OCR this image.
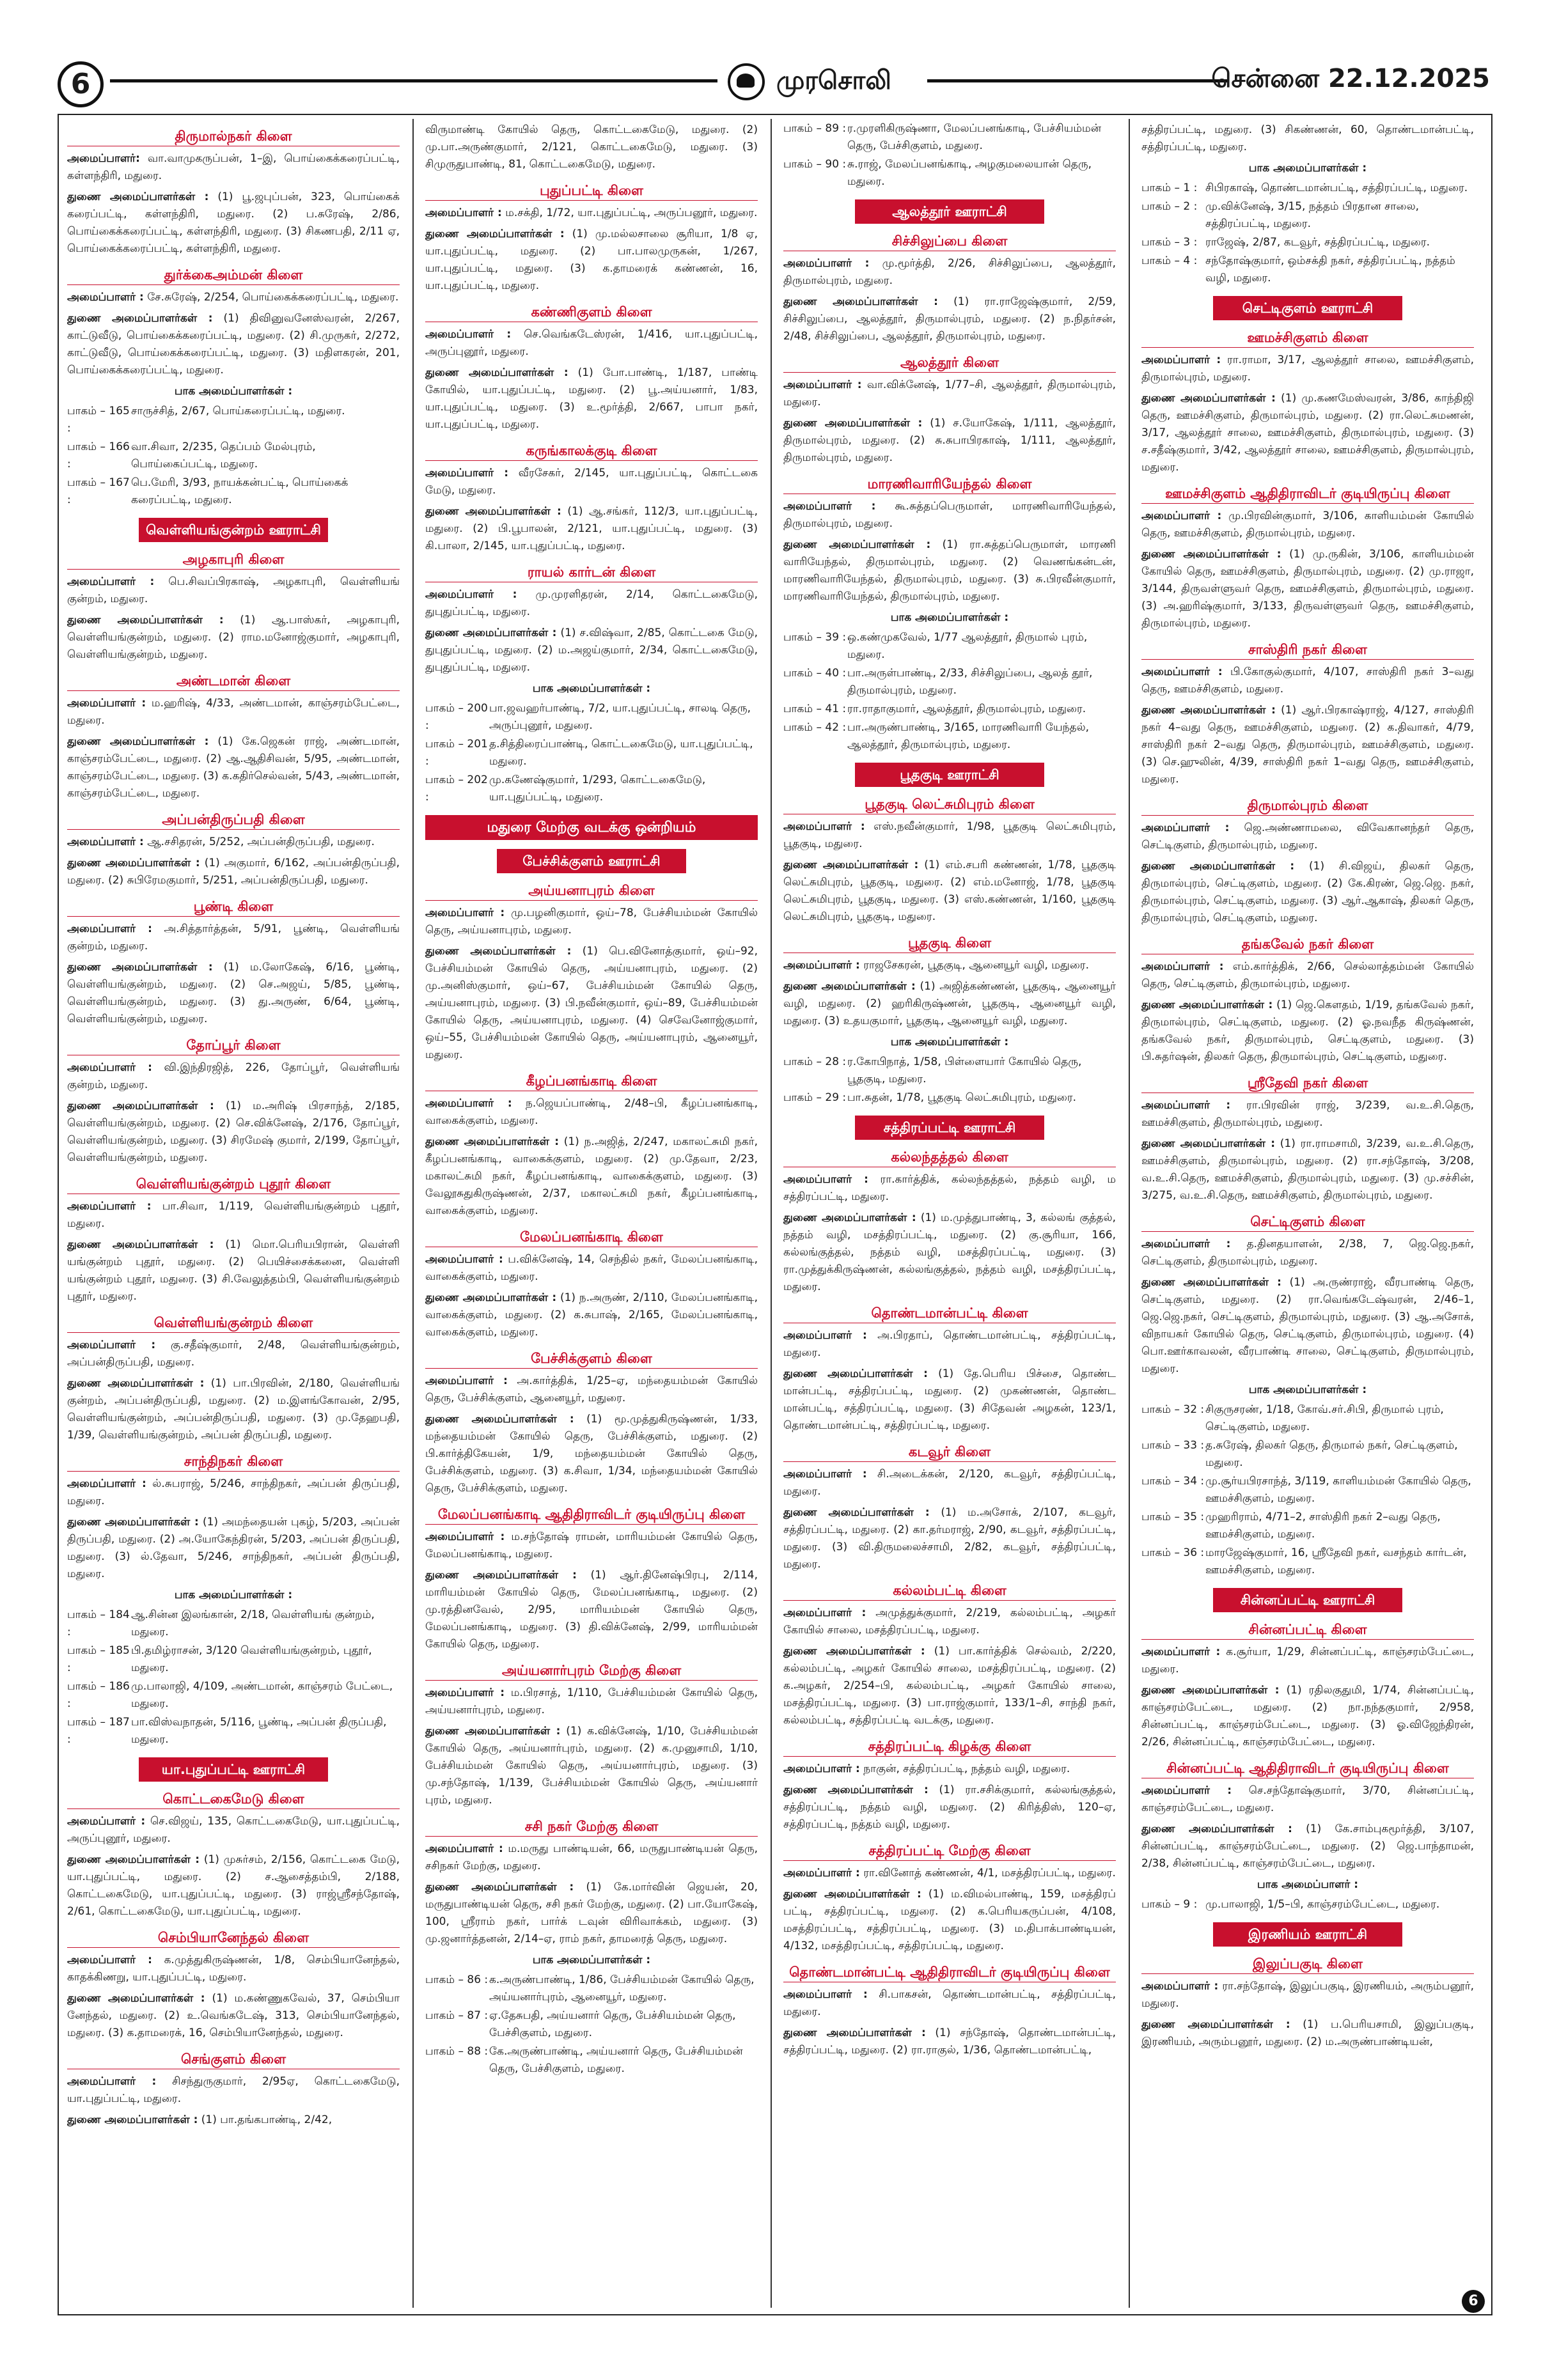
6	முரசொலி	சென்னை 22.12.2025
திருமால்நகர் கிளை
அமைப்பாளர்: வா.வாமுகருப்பன், 1–இ, பொய்கைக்கரைப்பட்டி, கள்ளந்திரி, மதுரை.
துணை அமைப்பாளர்கள் : (1) பூ.ஜபுப்பன், 323, பொய்கைக் கரைப்பட்டி, கள்ளந்திரி, மதுரை. (2) ப.சுரேஷ், 2/86, பொய்கைக்கரைப்பட்டி, கள்ளந்திரி, மதுரை. (3) சிகணபதி, 2/11 ஏ, பொய்கைக்கரைப்பட்டி, கள்ளந்திரி, மதுரை.
துர்க்கைஅம்மன் கிளை
அமைப்பாளர் : சே.சுரேஷ், 2/254, பொய்கைக்கரைப்பட்டி, மதுரை.
துணை அமைப்பாளர்கள் : (1) திவினுவனேஸ்வரன், 2/267, காட்டுவீடு, பொய்கைக்கரைப்பட்டி, மதுரை. (2) சி.முருகர், 2/272, காட்டுவீடு, பொய்கைக்கரைப்பட்டி, மதுரை. (3) மதிளகரன், 201, பொய்கைக்கரைப்பட்டி, மதுரை.
பாக அமைப்பாளர்கள் :
பாகம் – 165 :
சாருச்சித், 2/67, பொய்கரைப்பட்டி, மதுரை.
பாகம் – 166 :
வா.சிவா, 2/235, தெப்பம் மேல்புரம், பொய்கைப்பட்டி, மதுரை.
பாகம் – 167 :
பெ.மேரி, 3/93, நாயக்கன்பட்டி, பொய்கைக் கரைப்பட்டி, மதுரை.
வெள்ளியங்குன்றம் ஊராட்சி
அழகாபுரி கிளை
அமைப்பாளர் : பெ.சிவப்பிரகாஷ், அழகாபுரி, வெள்ளியங் குன்றம், மதுரை.
துணை அமைப்பாளர்கள் : (1) ஆ.பாஸ்கர், அழகாபுரி, வெள்ளியங்குன்றம், மதுரை. (2) ராம.மனோஜ்குமார், அழகாபுரி, வெள்ளியங்குன்றம், மதுரை.
அண்டமான் கிளை
அமைப்பாளர் : ம.ஹரிஷ், 4/33, அண்டமான், காஞ்சரம்பேட்டை, மதுரை.
துணை அமைப்பாளர்கள் : (1) கே.ஜெகன் ராஜ், அண்டமான், காஞ்சரம்பேட்டை, மதுரை. (2) ஆ.ஆதிசிவன், 5/95, அண்டமான், காஞ்சரம்பேட்டை, மதுரை. (3) க.கதிர்செல்வன், 5/43, அண்டமான், காஞ்சரம்பேட்டை, மதுரை.
அப்பன்திருப்பதி கிளை
அமைப்பாளர் : ஆ.சசிதரன், 5/252, அப்பன்திருப்பதி, மதுரை.
துணை அமைப்பாளர்கள் : (1) அகுமார், 6/162, அப்பன்திருப்பதி, மதுரை. (2) சுபிரேமகுமார், 5/251, அப்பன்திருப்பதி, மதுரை.
பூண்டி கிளை
அமைப்பாளர் : அ.சித்தார்த்தன், 5/91, பூண்டி, வெள்ளியங் குன்றம், மதுரை.
துணை அமைப்பாளர்கள் : (1) ம.லோகேஷ், 6/16, பூண்டி, வெள்ளியங்குன்றம், மதுரை. (2) செ.அஜய், 5/85, பூண்டி, வெள்ளியங்குன்றம், மதுரை. (3) து.அருண், 6/64, பூண்டி, வெள்ளியங்குன்றம், மதுரை.
தோப்பூர் கிளை
அமைப்பாளர் : வி.இந்திரஜித், 226, தோப்பூர், வெள்ளியங் குன்றம், மதுரை.
துணை அமைப்பாளர்கள் : (1) ம.அரிஷ் பிரசாந்த், 2/185, வெள்ளியங்குன்றம், மதுரை. (2) செ.விக்னேஷ், 2/176, தோப்பூர், வெள்ளியங்குன்றம், மதுரை. (3) சிரமேஷ் குமார், 2/199, தோப்பூர், வெள்ளியங்குன்றம், மதுரை.
வெள்ளியங்குன்றம் புதூர் கிளை
அமைப்பாளர் : பா.சிவா, 1/119, வெள்ளியங்குன்றம் புதூர், மதுரை.
துணை அமைப்பாளர்கள் : (1) மொ.பெரியபிரான், வெள்ளி யங்குன்றம் புதூர், மதுரை. (2) பெயிச்சைக்கனை, வெள்ளி யங்குன்றம் புதூர், மதுரை. (3) சி.வேலுத்தம்பி, வெள்ளியங்குன்றம் புதூர், மதுரை.
வெள்ளியங்குன்றம் கிளை
அமைப்பாளர் : கு.சதீஷ்குமார், 2/48, வெள்ளியங்குன்றம், அப்பன்திருப்பதி, மதுரை.
துணை அமைப்பாளர்கள் : (1) பா.பிரவின், 2/180, வெள்ளியங் குன்றம், அப்பன்திருப்பதி, மதுரை. (2) ம.இளங்கோவன், 2/95, வெள்ளியங்குன்றம், அப்பன்திருப்பதி, மதுரை. (3) மு.தேஹபதி, 1/39, வெள்ளியங்குன்றம், அப்பன் திருப்பதி, மதுரை.
சாந்திநகர் கிளை
அமைப்பாளர் : ல்.சுபராஜ், 5/246, சாந்திநகர், அப்பன் திருப்பதி, மதுரை.
துணை அமைப்பாளர்கள் : (1) அமந்தையன் புகழ், 5/203, அப்பன் திருப்பதி, மதுரை. (2) அ.யோகேந்திரன், 5/203, அப்பன் திருப்பதி, மதுரை. (3) ல்.தேவா, 5/246, சாந்திநகர், அப்பன் திருப்பதி, மதுரை.
பாக அமைப்பாளர்கள் :
பாகம் – 184 :
ஆ.சின்ன இலங்கான், 2/18, வெள்ளியங் குன்றம், மதுரை.
பாகம் – 185 :
பி.தமிழ்ராசன், 3/120 வெள்ளியங்குன்றம், புதூர், மதுரை.
பாகம் – 186 :
மு.பாலாஜி, 4/109, அண்டமான், காஞ்சரம் பேட்டை, மதுரை.
பாகம் – 187 :
பா.விஸ்வநாதன், 5/116, பூண்டி, அப்பன் திருப்பதி, மதுரை.
யா.புதுப்பட்டி ஊராட்சி
கொட்டகைமேடு கிளை
அமைப்பாளர் : செ.விஜய், 135, கொட்டகைமேடு, யா.புதுப்பட்டி, அருப்புனூர், மதுரை.
துணை அமைப்பாளர்கள் : (1) முசுர்சம், 2/156, கொட்டகை மேடு, யா.புதுப்பட்டி, மதுரை. (2) ச.ஆசைத்தம்பி, 2/188, கொட்டகைமேடு, யா.புதுப்பட்டி, மதுரை. (3) ராஜ்ஸ்ரீசந்தோஷ், 2/61, கொட்டகைமேடு, யா.புதுப்பட்டி, மதுரை.
செம்பியானேந்தல் கிளை
அமைப்பாளர் : க.முத்துகிருஷ்ணன், 1/8, செம்பியானேந்தல், காதக்கிணறு, யா.புதுப்பட்டி, மதுரை.
துணை அமைப்பாளர்கள் : (1) ம.கண்ணுகவேல், 37, செம்பியா னேந்தல், மதுரை. (2) உ.வெங்கடேஷ், 313, செம்பியானேந்தல், மதுரை. (3) க.தாமரைக், 16, செம்பியானேந்தல், மதுரை.
செங்குளம் கிளை
அமைப்பாளர் : சிசந்துருகுமார், 2/95ஏ, கொட்டகைமேடு, யா.புதுப்பட்டி, மதுரை.
துணை அமைப்பாளர்கள் : (1) பா.தங்கபாண்டி, 2/42,
விருமாண்டி கோயில் தெரு, கொட்டகைமேடு, மதுரை. (2) மு.பா.அருண்குமார், 2/121, கொட்டகைமேடு, மதுரை. (3) சிமுருதுபாண்டி, 81, கொட்டகைமேடு, மதுரை.
புதுப்பட்டி கிளை
அமைப்பாளர் : ம.சக்தி, 1/72, யா.புதுப்பட்டி, அருப்பனூர், மதுரை.
துணை அமைப்பாளர்கள் : (1) மு.மல்லசாலை சூரியா, 1/8 ஏ, யா.புதுப்பட்டி, மதுரை. (2) பா.பாலமுருகன், 1/267, யா.புதுப்பட்டி, மதுரை. (3) க.தாமரைக் கண்ணன், 16, யா.புதுப்பட்டி, மதுரை.
கண்ணிகுளம் கிளை
அமைப்பாளர் : செ.வெங்கடேஸ்ரன், 1/416, யா.புதுப்பட்டி, அருப்புனூர், மதுரை.
துணை அமைப்பாளர்கள் : (1) போ.பாண்டி, 1/187, பாண்டி கோயில், யா.புதுப்பட்டி, மதுரை. (2) பூ.அய்யனார், 1/83, யா.புதுப்பட்டி, மதுரை. (3) உ.மூர்த்தி, 2/667, பாபா நகர், யா.புதுப்பட்டி, மதுரை.
கருங்காலக்குடி கிளை
அமைப்பாளர் : வீரசேகர், 2/145, யா.புதுப்பட்டி, கொட்டகை மேடு, மதுரை.
துணை அமைப்பாளர்கள் : (1) ஆ.சங்கர், 112/3, யா.புதுப்பட்டி, மதுரை. (2) பி.பூபாலன், 2/121, யா.புதுப்பட்டி, மதுரை. (3) கி.பாலா, 2/145, யா.புதுப்பட்டி, மதுரை.
ராயல் கார்டன் கிளை
அமைப்பாளர் : மு.முரளிதரன், 2/14, கொட்டகைமேடு, துபுதுப்பட்டி, மதுரை.
துணை அமைப்பாளர்கள் : (1) ச.விஷ்வா, 2/85, கொட்டகை மேடு, துபுதுப்பட்டி, மதுரை. (2) ம.அஜய்குமார், 2/34, கொட்டகைமேடு, துபுதுப்பட்டி, மதுரை.
பாக அமைப்பாளர்கள் :
பாகம் – 200 :
பா.ஜவஹர்பாண்டி, 7/2, யா.புதுப்பட்டி, சாலடி தெரு, அருப்புனூர், மதுரை.
பாகம் – 201 :
த.சித்திரைப்பாண்டி, கொட்டகைமேடு, யா.புதுப்பட்டி, மதுரை.
பாகம் – 202 :
மு.கணேஷ்குமார், 1/293, கொட்டகைமேடு, யா.புதுப்பட்டி, மதுரை.
மதுரை மேற்கு வடக்கு ஒன்றியம்
பேச்சிக்குளம் ஊராட்சி
அய்யனாபுரம் கிளை
அமைப்பாளர் : மு.பழனிகுமார், ஒய்–78, பேச்சியம்மன் கோயில் தெரு, அய்யனாபுரம், மதுரை.
துணை அமைப்பாளர்கள் : (1) பெ.வினோத்குமார், ஒய்–92, பேச்சியம்மன் கோயில் தெரு, அய்யனாபுரம், மதுரை. (2) மு.அனிஸ்குமார், ஒய்–67, பேச்சியம்மன் கோயில் தெரு, அய்யனாபுரம், மதுரை. (3) பி.நவீன்குமார், ஒய்–89, பேச்சியம்மன் கோயில் தெரு, அய்யனாபுரம், மதுரை. (4) செவேனோஜ்குமார், ஒய்–55, பேச்சியம்மன் கோயில் தெரு, அய்யனாபுரம், ஆனையூர், மதுரை.
கீழப்பனங்காடி கிளை
அமைப்பாளர் : ந.ஜெயப்பாண்டி, 2/48–பி, கீழப்பனங்காடி, வாகைக்குளம், மதுரை.
துணை அமைப்பாளர்கள் : (1) ந.அஜித், 2/247, மகாலட்சுமி நகர், கீழப்பனங்காடி, வாகைக்குளம், மதுரை. (2) மு.தேவா, 2/23, மகாலட்சுமி நகர், கீழப்பனங்காடி, வாகைக்குளம், மதுரை. (3) வேலூசுதுகிருஷ்ணன், 2/37, மகாலட்சுமி நகர், கீழப்பனங்காடி, வாகைக்குளம், மதுரை.
மேலப்பனங்காடி கிளை
அமைப்பாளர் : ப.விக்னேஷ், 14, செந்தில் நகர், மேலப்பனங்காடி, வாகைக்குளம், மதுரை.
துணை அமைப்பாளர்கள் : (1) ந.அருண், 2/110, மேலப்பனங்காடி, வாகைக்குளம், மதுரை. (2) க.சுபாஷ், 2/165, மேலப்பனங்காடி, வாகைக்குளம், மதுரை.
பேச்சிக்குளம் கிளை
அமைப்பாளர் : அ.கார்த்திக், 1/25–ஏ, மந்தையம்மன் கோயில் தெரு, பேச்சிக்குளம், ஆனையூர், மதுரை.
துணை அமைப்பாளர்கள் : (1) மூ.முத்துகிருஷ்ணன், 1/33, மந்தையம்மன் கோயில் தெரு, பேச்சிக்குளம், மதுரை. (2) பி.கார்த்திகேயன், 1/9, மந்தையம்மன் கோயில் தெரு, பேச்சிக்குளம், மதுரை. (3) க.சிவா, 1/34, மந்தையம்மன் கோயில் தெரு, பேச்சிக்குளம், மதுரை.
மேலப்பனங்காடி ஆதிதிராவிடர் குடியிருப்பு கிளை
அமைப்பாளர் : ம.சந்தோஷ் ராமன், மாரியம்மன் கோயில் தெரு, மேலப்பனங்காடி, மதுரை.
துணை அமைப்பாளர்கள் : (1) ஆர்.தினேஷ்பிரபு, 2/114, மாரியம்மன் கோயில் தெரு, மேலப்பனங்காடி, மதுரை. (2) மு.ரத்தினவேல், 2/95, மாரியம்மன் கோயில் தெரு, மேலப்பனங்காடி, மதுரை. (3) தி.விக்னேஷ், 2/99, மாரியம்மன் கோயில் தெரு, மதுரை.
அய்யனார்புரம் மேற்கு கிளை
அமைப்பாளர் : ம.பிரசாத், 1/110, பேச்சியம்மன் கோயில் தெரு, அய்யனார்புரம், மதுரை.
துணை அமைப்பாளர்கள் : (1) க.விக்னேஷ், 1/10, பேச்சியம்மன் கோயில் தெரு, அய்யனார்புரம், மதுரை. (2) க.முனுசாமி, 1/10, பேச்சியம்மன் கோயில் தெரு, அய்யனார்புரம், மதுரை. (3) மு.சந்தோஷ், 1/139, பேச்சியம்மன் கோயில் தெரு, அய்யனார் புரம், மதுரை.
சசி நகர் மேற்கு கிளை
அமைப்பாளர் : ம.மருது பாண்டியன், 66, மருதுபாண்டியன் தெரு, சசிநகர் மேற்கு, மதுரை.
துணை அமைப்பாளர்கள் : (1) கே.மார்வின் ஜெயன், 20, மருதுபாண்டியன் தெரு, சசி நகர் மேற்கு, மதுரை. (2) பா.யோகேஷ், 100, ஸ்ரீராம் நகர், பார்க் டவுன் விரிவாக்கம், மதுரை. (3) மு.ஜனார்த்தனன், 2/14–ஏ, ராம் நகர், தாமரைத் தெரு, மதுரை.
பாக அமைப்பாளர்கள் :
பாகம் – 86 : க.அருண்பாண்டி, 1/86, பேச்சியம்மன் கோயில் தெரு, அய்யனார்புரம், ஆனையூர், மதுரை.
பாகம் – 87 : ஏ.தேசுபதி, அய்யனார் தெரு, பேச்சியம்மன் தெரு, பேச்சிகுளம், மதுரை.
பாகம் – 88 : கே.அருண்பாண்டி, அய்யனார் தெரு, பேச்சியம்மன் தெரு, பேச்சிகுளம், மதுரை.
பாகம் – 89 : ர.முரளிகிருஷ்ணா, மேலப்பனங்காடி, பேச்சியம்மன் தெரு, பேச்சிகுளம், மதுரை.
பாகம் – 90 : சு.ராஜ், மேலப்பனங்காடி, அழகுமலையான் தெரு, மதுரை.
ஆலத்தூர் ஊராட்சி
சிச்சிலுப்பை கிளை
அமைப்பாளர் : மு.மூர்த்தி, 2/26, சிச்சிலுப்பை, ஆலத்தூர், திருமால்புரம், மதுரை.
துணை அமைப்பாளர்கள் : (1) ரா.ராஜேஷ்குமார், 2/59, சிச்சிலுப்பை, ஆலத்தூர், திருமால்புரம், மதுரை. (2) ந.நிதர்சன், 2/48, சிச்சிலுப்பை, ஆலத்தூர், திருமால்புரம், மதுரை.
ஆலத்தூர் கிளை
அமைப்பாளர் : வா.விக்னேஷ், 1/77–சி, ஆலத்தூர், திருமால்புரம், மதுரை.
துணை அமைப்பாளர்கள் : (1) ச.யோகேஷ், 1/111, ஆலத்தூர், திருமால்புரம், மதுரை. (2) சு.சுபாபிரகாஷ், 1/111, ஆலத்தூர், திருமால்புரம், மதுரை.
மாரணிவாரியேந்தல் கிளை
அமைப்பாளர் : கூ.சுத்தப்பெருமாள், மாரணிவாரியேந்தல், திருமால்புரம், மதுரை.
துணை அமைப்பாளர்கள் : (1) ரா.சுத்தப்பெருமாள், மாரணி வாரியேந்தல், திருமால்புரம், மதுரை. (2) வெணங்கன்டன், மாரணிவாரியேந்தல், திருமால்புரம், மதுரை. (3) சு.பிரவீன்குமார், மாரணிவாரியேந்தல், திருமால்புரம், மதுரை.
பாக அமைப்பாளர்கள் :
பாகம் – 39 : ஒ.கண்முகவேல், 1/77 ஆலத்தூர், திருமால் புரம், மதுரை.
பாகம் – 40 : பா.அருள்பாண்டி, 2/33, சிச்சிலுப்பை, ஆலத் தூர், திருமால்புரம், மதுரை.
பாகம் – 41 : ரா.ராதாகுமார், ஆலத்தூர், திருமால்புரம், மதுரை.
பாகம் – 42 : பா.அருண்பாண்டி, 3/165, மாரணிவாரி யேந்தல், ஆலத்தூர், திருமால்புரம், மதுரை.
பூதகுடி ஊராட்சி
பூதகுடி லெட்சுமிபுரம் கிளை
அமைப்பாளர் : எஸ்.நவீன்குமார், 1/98, பூதகுடி லெட்சுமிபுரம், பூதகுடி, மதுரை.
துணை அமைப்பாளர்கள் : (1) எம்.சபரி கண்ணன், 1/78, பூதகுடி லெட்சுமிபுரம், பூதகுடி, மதுரை. (2) எம்.மனோஜ், 1/78, பூதகுடி லெட்சுமிபுரம், பூதகுடி, மதுரை. (3) எஸ்.கண்ணன், 1/160, பூதகுடி லெட்சுமிபுரம், பூதகுடி, மதுரை.
பூதகுடி கிளை
அமைப்பாளர் : ராஜசேகரன், பூதகுடி, ஆனையூர் வழி, மதுரை.
துணை அமைப்பாளர்கள் : (1) அஜித்கண்ணன், பூதகுடி, ஆனையூர் வழி, மதுரை. (2) ஹரிகிருஷ்ணன், பூதகுடி, ஆனையூர் வழி, மதுரை. (3) உதயகுமார், பூதகுடி, ஆனையூர் வழி, மதுரை.
பாக அமைப்பாளர்கள் :
பாகம் – 28 : ர.கோபிநாத், 1/58, பிள்ளையார் கோயில் தெரு, பூதகுடி, மதுரை.
பாகம் – 29 : பா.சுதன், 1/78, பூதகுடி லெட்சுமிபுரம், மதுரை.
சத்திரப்பட்டி ஊராட்சி
கல்லந்தத்தல் கிளை
அமைப்பாளர் : ரா.கார்த்திக், கல்லந்தத்தல், நத்தம் வழி, ம சத்திரப்பட்டி, மதுரை.
துணை அமைப்பாளர்கள் : (1) ம.முத்துபாண்டி, 3, கல்லங் குத்தல், நத்தம் வழி, மசத்திரப்பட்டி, மதுரை. (2) கு.சூரியா, 166, கல்லங்குத்தல், நத்தம் வழி, மசத்திரப்பட்டி, மதுரை. (3) ரா.முத்துக்கிருஷ்ணன், கல்லங்குத்தல், நத்தம் வழி, மசத்திரப்பட்டி, மதுரை.
தொண்டமான்பட்டி கிளை
அமைப்பாளர் : அ.பிரதாப், தொண்டமான்பட்டி, சத்திரப்பட்டி, மதுரை.
துணை அமைப்பாளர்கள் : (1) தே.பெரிய பிச்சை, தொண்ட மான்பட்டி, சத்திரப்பட்டி, மதுரை. (2) முகண்ணன், தொண்ட மான்பட்டி, சத்திரப்பட்டி, மதுரை. (3) சிதேவன் அழகன், 123/1, தொண்டமான்பட்டி, சத்திரப்பட்டி, மதுரை.
கடவூர் கிளை
அமைப்பாளர் : சி.அடைக்கன், 2/120, கடவூர், சத்திரப்பட்டி, மதுரை.
துணை அமைப்பாளர்கள் : (1) ம.அசோக், 2/107, கடவூர், சத்திரப்பட்டி, மதுரை. (2) கா.தர்மராஜ், 2/90, கடவூர், சத்திரப்பட்டி, மதுரை. (3) வி.திருமலைச்சாமி, 2/82, கடவூர், சத்திரப்பட்டி, மதுரை.
கல்லம்பட்டி கிளை
அமைப்பாளர் : அமுத்துக்குமார், 2/219, கல்லம்பட்டி, அழகர் கோயில் சாலை, மசத்திரப்பட்டி, மதுரை.
துணை அமைப்பாளர்கள் : (1) பா.கார்த்திக் செல்வம், 2/220, கல்லம்பட்டி, அழகர் கோயில் சாலை, மசத்திரப்பட்டி, மதுரை. (2) க.அழகர், 2/254–பி, கல்லம்பட்டி, அழகர் கோயில் சாலை, மசத்திரப்பட்டி, மதுரை. (3) பா.ராஜ்குமார், 133/1–சி, சாந்தி நகர், கல்லம்பட்டி, சத்திரப்பட்டி வடக்கு, மதுரை.
சத்திரப்பட்டி கிழக்கு கிளை
அமைப்பாளர் : நாகுன், சத்திரப்பட்டி, நத்தம் வழி, மதுரை.
துணை அமைப்பாளர்கள் : (1) ரா.சசிக்குமார், கல்லங்குத்தல், சத்திரப்பட்டி, நத்தம் வழி, மதுரை. (2) கிரித்திஸ், 120–ஏ, சத்திரப்பட்டி, நத்தம் வழி, மதுரை.
சத்திரப்பட்டி மேற்கு கிளை
அமைப்பாளர் : ரா.வினோத் கண்ணன், 4/1, மசத்திரப்பட்டி, மதுரை.
துணை அமைப்பாளர்கள் : (1) ம.விமல்பாண்டி, 159, மசத்திரப் பட்டி, சத்திரப்பட்டி, மதுரை. (2) க.பெரியகருப்பன், 4/108, மசத்திரப்பட்டி, சத்திரப்பட்டி, மதுரை. (3) ம.திபாக்பாண்டியன், 4/132, மசத்திரப்பட்டி, சத்திரப்பட்டி, மதுரை.
தொண்டமான்பட்டி ஆதிதிராவிடர் குடியிருப்பு கிளை
அமைப்பாளர் : சி.பாகசன், தொண்டமான்பட்டி, சத்திரப்பட்டி, மதுரை.
துணை அமைப்பாளர்கள் : (1) சந்தோஷ், தொண்டமான்பட்டி, சத்திரப்பட்டி, மதுரை. (2) ரா.ராகுல், 1/36, தொண்டமான்பட்டி,
சத்திரப்பட்டி, மதுரை. (3) சிகண்ணன், 60, தொண்டமான்பட்டி, சத்திரப்பட்டி, மதுரை.
பாக அமைப்பாளர்கள் :
பாகம் – 1 : சிபிரகாஷ், தொண்டமான்பட்டி, சத்திரப்பட்டி, மதுரை.
பாகம் – 2 : மு.விக்னேஷ், 3/15, நத்தம் பிரதான சாலை, சத்திரப்பட்டி, மதுரை.
பாகம் – 3 : ராஜேஷ், 2/87, கடவூர், சத்திரப்பட்டி, மதுரை.
பாகம் – 4 : சந்தோஷ்குமார், ஒம்சக்தி நகர், சத்திரப்பட்டி, நத்தம் வழி, மதுரை.
செட்டிகுளம் ஊராட்சி
ஊமச்சிகுளம் கிளை
அமைப்பாளர் : ரா.ராமா, 3/17, ஆலத்தூர் சாலை, ஊமச்சிகுளம், திருமால்புரம், மதுரை.
துணை அமைப்பாளர்கள் : (1) மு.கணமேஸ்வரன், 3/86, காந்திஜி தெரு, ஊமச்சிகுளம், திருமால்புரம், மதுரை. (2) ரா.லெட்சுமணன், 3/17, ஆலத்தூர் சாலை, ஊமச்சிகுளம், திருமால்புரம், மதுரை. (3) ச.சதீஷ்குமார், 3/42, ஆலத்தூர் சாலை, ஊமச்சிகுளம், திருமால்புரம், மதுரை.
ஊமச்சிகுளம் ஆதிதிராவிடர் குடியிருப்பு கிளை
அமைப்பாளர் : மு.பிரவின்குமார், 3/106, காளியம்மன் கோயில் தெரு, ஊமச்சிகுளம், திருமால்புரம், மதுரை.
துணை அமைப்பாளர்கள் : (1) மு.ருகின், 3/106, காளியம்மன் கோயில் தெரு, ஊமச்சிகுளம், திருமால்புரம், மதுரை. (2) மு.ராஜா, 3/144, திருவள்ளுவர் தெரு, ஊமச்சிகுளம், திருமால்புரம், மதுரை. (3) அ.ஹரிஷ்குமார், 3/133, திருவள்ளுவர் தெரு, ஊமச்சிகுளம், திருமால்புரம், மதுரை.
சாஸ்திரி நகர் கிளை
அமைப்பாளர் : பி.கோகுல்குமார், 4/107, சாஸ்திரி நகர் 3–வது தெரு, ஊமச்சிகுளம், மதுரை.
துணை அமைப்பாளர்கள் : (1) ஆர்.பிரகாஷ்ராஜ், 4/127, சாஸ்திரி நகர் 4–வது தெரு, ஊமச்சிகுளம், மதுரை. (2) க.திவாகர், 4/79, சாஸ்திரி நகர் 2–வது தெரு, திருமால்புரம், ஊமச்சிகுளம், மதுரை. (3) செ.ஹுலின், 4/39, சாஸ்திரி நகர் 1–வது தெரு, ஊமச்சிகுளம், மதுரை.
திருமால்புரம் கிளை
அமைப்பாளர் : ஜெ.அண்ணாமலை, விவேகானந்தர் தெரு, செட்டிகுளம், திருமால்புரம், மதுரை.
துணை அமைப்பாளர்கள் : (1) சி.விஜய், திலகர் தெரு, திருமால்புரம், செட்டிகுளம், மதுரை. (2) கே.கிரண், ஜெ.ஜெ. நகர், திருமால்புரம், செட்டிகுளம், மதுரை. (3) ஆர்.ஆகாஷ், திலகர் தெரு, திருமால்புரம், செட்டிகுளம், மதுரை.
தங்கவேல் நகர் கிளை
அமைப்பாளர் : எம்.கார்த்திக், 2/66, செல்லாத்தம்மன் கோயில் தெரு, செட்டிகுளம், திருமால்புரம், மதுரை.
துணை அமைப்பாளர்கள் : (1) ஜெ.கௌதம், 1/19, தங்கவேல் நகர், திருமால்புரம், செட்டிகுளம், மதுரை. (2) ஓ.நவநீத கிருஷ்ணன், தங்கவேல் நகர், திருமால்புரம், செட்டிகுளம், மதுரை. (3) பி.சுதர்ஷன், திலகர் தெரு, திருமால்புரம், செட்டிகுளம், மதுரை.
ஸ்ரீதேவி நகர் கிளை
அமைப்பாளர் : ரா.பிரவின் ராஜ், 3/239, வ.உ.சி.தெரு, ஊமச்சிகுளம், திருமால்புரம், மதுரை.
துணை அமைப்பாளர்கள் : (1) ரா.ராமசாமி, 3/239, வ.உ.சி.தெரு, ஊமச்சிகுளம், திருமால்புரம், மதுரை. (2) ரா.சந்தோஷ், 3/208, வ.உ.சி.தெரு, ஊமச்சிகுளம், திருமால்புரம், மதுரை. (3) மு.சச்சின், 3/275, வ.உ.சி.தெரு, ஊமச்சிகுளம், திருமால்புரம், மதுரை.
செட்டிகுளம் கிளை
அமைப்பாளர் : த.தினதயாளன், 2/38, 7, ஜெ.ஜெ.நகர், செட்டிகுளம், திருமால்புரம், மதுரை.
துணை அமைப்பாளர்கள் : (1) அ.ருண்ராஜ், வீரபாண்டி தெரு, செட்டிகுளம், மதுரை. (2) ரா.வெங்கடேஷ்வரன், 2/46–1, ஜெ.ஜெ.நகர், செட்டிகுளம், திருமால்புரம், மதுரை. (3) ஆ.அசோக், விநாயகர் கோயில் தெரு, செட்டிகுளம், திருமால்புரம், மதுரை. (4) பொ.ஊர்காவலன், வீரபாண்டி சாலை, செட்டிகுளம், திருமால்புரம், மதுரை.
பாக அமைப்பாளர்கள் :
பாகம் – 32 : சிகுருசரண், 1/18, கோவ்.சர்.சிபி, திருமால் புரம், செட்டிகுளம், மதுரை.
பாகம் – 33 : த.சுரேஷ், திலகர் தெரு, திருமால் நகர், செட்டிகுளம், மதுரை.
பாகம் – 34 : மு.சூர்யபிரசாந்த், 3/119, காளியம்மன் கோயில் தெரு, ஊமச்சிகுளம், மதுரை.
பாகம் – 35 : முஹரிராம், 4/71–2, சாஸ்திரி நகர் 2–வது தெரு, ஊமச்சிகுளம், மதுரை.
பாகம் – 36 : மாரஜேஷ்குமார், 16, ஸ்ரீதேவி நகர், வசந்தம் கார்டன், ஊமச்சிகுளம், மதுரை.
சின்னப்பட்டி ஊராட்சி
சின்னப்பட்டி கிளை
அமைப்பாளர் : க.சூர்யா, 1/29, சின்னப்பட்டி, காஞ்சரம்பேட்டை, மதுரை.
துணை அமைப்பாளர்கள் : (1) ரதிலகுதுமி, 1/74, சின்னப்பட்டி, காஞ்சரம்பேட்டை, மதுரை. (2) நா.நந்தகுமார், 2/958, சின்னப்பட்டி, காஞ்சரம்பேட்டை, மதுரை. (3) ஓ.விஜேந்திரன், 2/26, சின்னப்பட்டி, காஞ்சரம்பேட்டை, மதுரை.
சின்னப்பட்டி ஆதிதிராவிடர் குடியிருப்பு கிளை
அமைப்பாளர் : செ.சந்தோஷ்குமார், 3/70, சின்னப்பட்டி, காஞ்சரம்பேட்டை, மதுரை.
துணை அமைப்பாளர்கள் : (1) கே.சாம்புகமூர்த்தி, 3/107, சின்னப்பட்டி, காஞ்சரம்பேட்டை, மதுரை. (2) ஜெ.பாந்தாமன், 2/38, சின்னப்பட்டி, காஞ்சரம்பேட்டை, மதுரை.
பாக அமைப்பாளர் :
பாகம் – 9 : மு.பாலாஜி, 1/5–பி, காஞ்சரம்பேட்டை, மதுரை.
இரணியம் ஊராட்சி
இலுப்பகுடி கிளை
அமைப்பாளர் : ரா.சந்தோஷ், இலுப்பகுடி, இரணியம், அரும்பனூர், மதுரை.
துணை அமைப்பாளர்கள் : (1) ப.பெரியசாமி, இலுப்பகுடி, இரணியம், அரும்பனூர், மதுரை. (2) ம.அருண்பாண்டியன்,
6
